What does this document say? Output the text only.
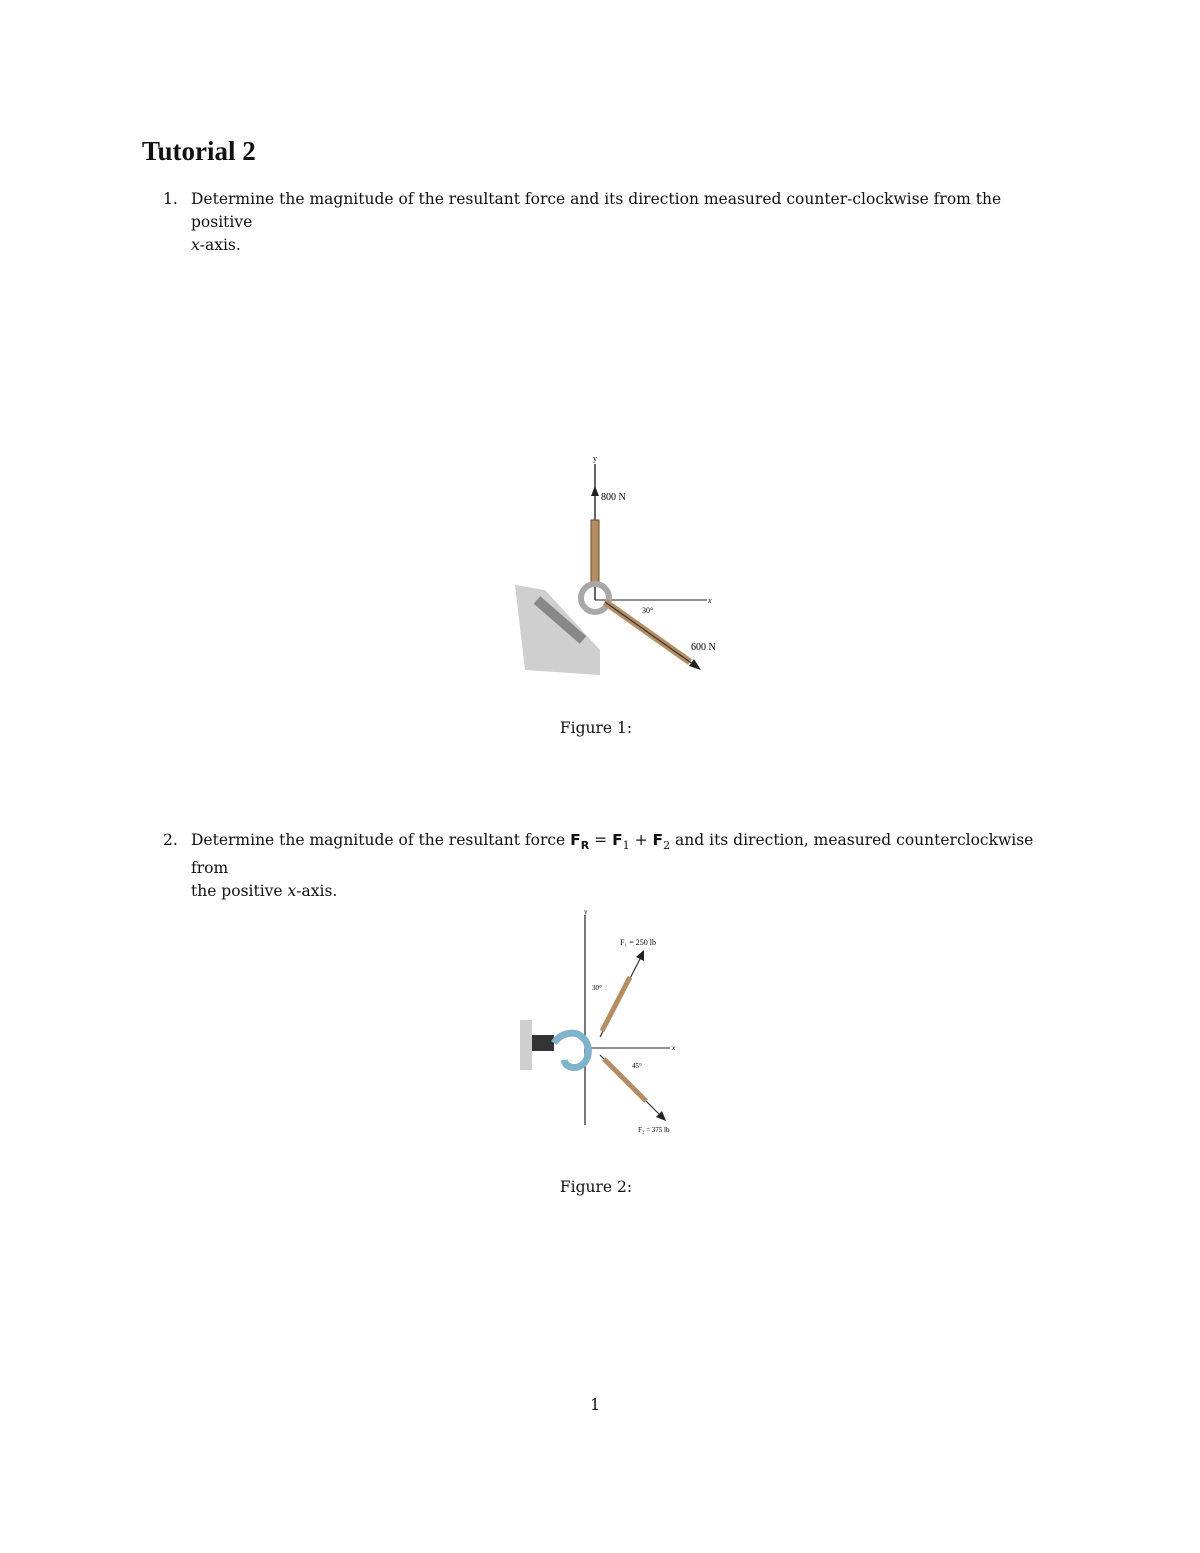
Tutorial 2
1. Determine the magnitude of the resultant force and its direction measured counter-clockwise from the positive
x-axis.
y
x
800 N
600 N
30°
Figure 1:
2. Determine the magnitude of the resultant force $F_R = F_1 + F_2$ and its direction, measured counterclockwise from
the positive x-axis.
y
x
F₁ = 250 lb
30°
F₂ = 375 lb
45°
Figure 2:
1
